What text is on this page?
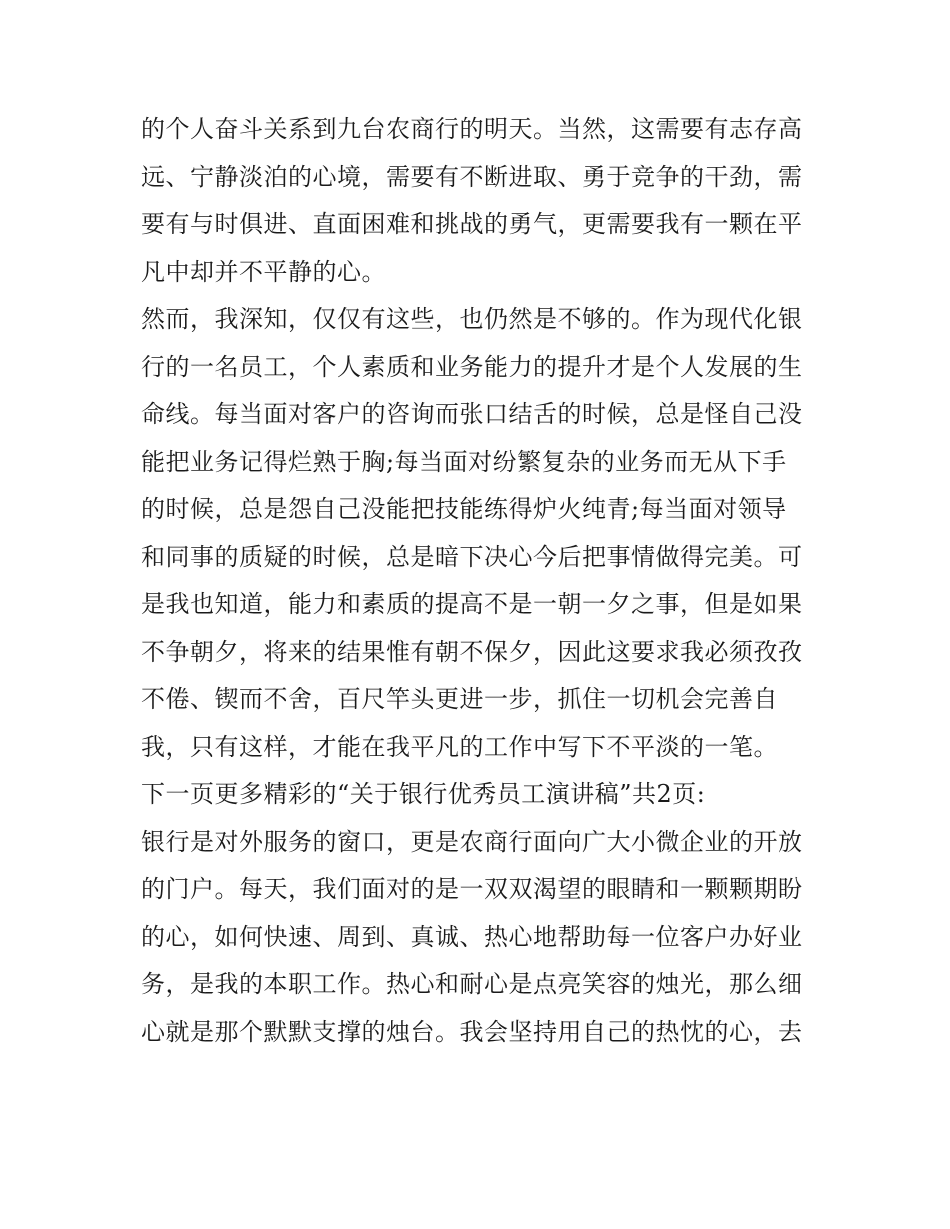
的个人奋斗关系到九台农商行的明天。当然，这需要有志存高
远、宁静淡泊的心境，需要有不断进取、勇于竞争的干劲，需
要有与时俱进、直面困难和挑战的勇气，更需要我有一颗在平
凡中却并不平静的心。
然而，我深知，仅仅有这些，也仍然是不够的。作为现代化银
行的一名员工，个人素质和业务能力的提升才是个人发展的生
命线。每当面对客户的咨询而张口结舌的时候，总是怪自己没
能把业务记得烂熟于胸;每当面对纷繁复杂的业务而无从下手
的时候，总是怨自己没能把技能练得炉火纯青;每当面对领导
和同事的质疑的时候，总是暗下决心今后把事情做得完美。可
是我也知道，能力和素质的提高不是一朝一夕之事，但是如果
不争朝夕，将来的结果惟有朝不保夕，因此这要求我必须孜孜
不倦、锲而不舍，百尺竿头更进一步，抓住一切机会完善自
我，只有这样，才能在我平凡的工作中写下不平淡的一笔。
下一页更多精彩的“关于银行优秀员工演讲稿”共2页:
银行是对外服务的窗口，更是农商行面向广大小微企业的开放
的门户。每天，我们面对的是一双双渴望的眼睛和一颗颗期盼
的心，如何快速、周到、真诚、热心地帮助每一位客户办好业
务，是我的本职工作。热心和耐心是点亮笑容的烛光，那么细
心就是那个默默支撑的烛台。我会坚持用自己的热忱的心，去
